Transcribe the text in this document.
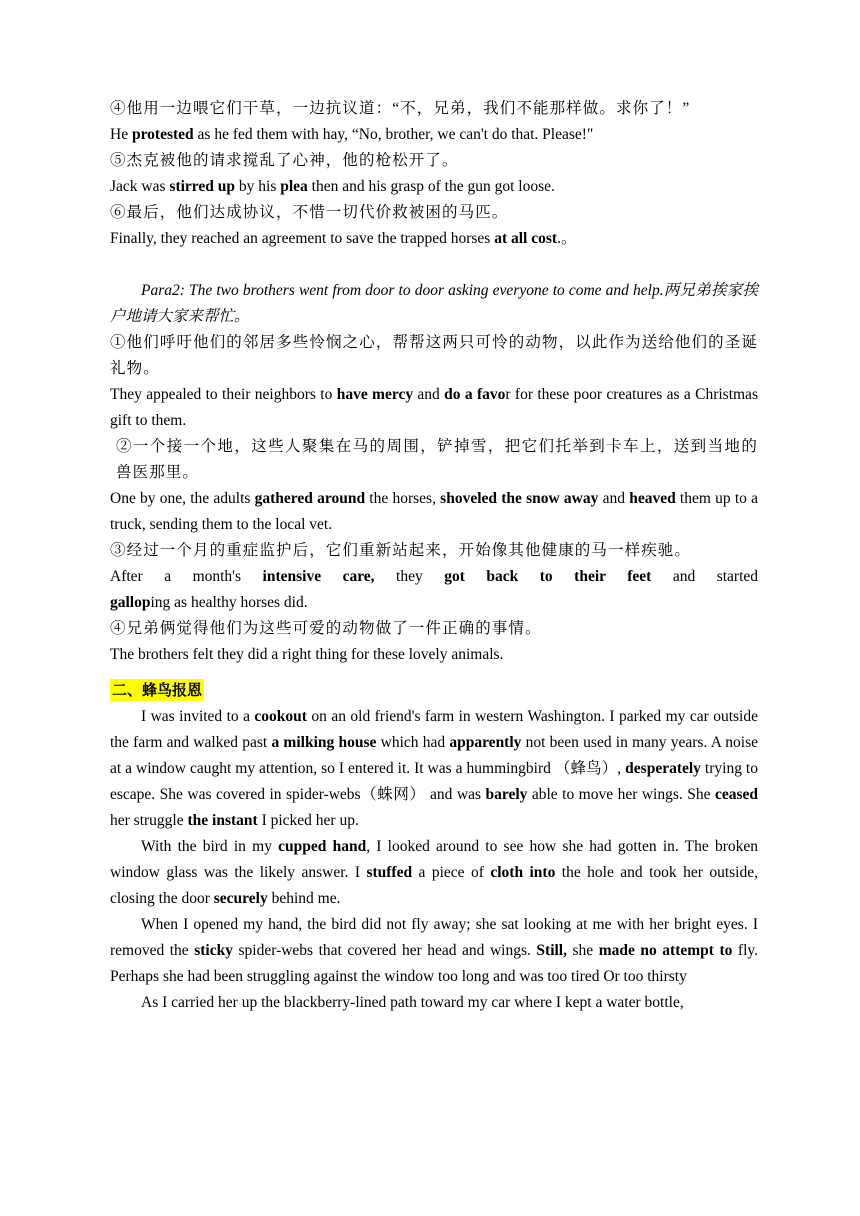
④他用一边喂它们干草，一边抗议道：“不，兄弟，我们不能那样做。求你了！”

He protested as he fed them with hay, “No, brother, we can't do that. Please!"

⑤杰克被他的请求搅乱了心神，他的枪松开了。

Jack was stirred up by his plea then and his grasp of the gun got loose.

⑥最后，他们达成协议，不惜一切代价救被困的马匹。

Finally, they reached an agreement to save the trapped horses at all cost.。

Para2: The two brothers went from door to door asking everyone to come and help.两兄弟挨家挨户地请大家来帮忙。

①他们呼吁他们的邻居多些怜悯之心，帮帮这两只可怜的动物，以此作为送给他们的圣诞礼物。

They appealed to their neighbors to have mercy and do a favor for these poor creatures as a Christmas gift to them.

②一个接一个地，这些人聚集在马的周围，铲掉雪，把它们托举到卡车上，送到当地的兽医那里。

One by one, the adults gathered around the horses, shoveled the snow away and heaved them up to a truck, sending them to the local vet.

③经过一个月的重症监护后，它们重新站起来，开始像其他健康的马一样疾驰。

After a month's intensive care, they got back to their feet and started

galloping as healthy horses did.

④兄弟俩觉得他们为这些可爱的动物做了一件正确的事情。

The brothers felt they did a right thing for these lovely animals.

二、蜂鸟报恩

I was invited to a cookout on an old friend's farm in western Washington. I parked my car outside the farm and walked past a milking house which had apparently not been used in many years. A noise at a window caught my attention, so I entered it. It was a hummingbird （蜂鸟）, desperately trying to escape. She was covered in spider-webs（蛛网） and was barely able to move her wings. She ceased her struggle the instant I picked her up.

With the bird in my cupped hand, I looked around to see how she had gotten in. The broken window glass was the likely answer. I stuffed a piece of cloth into the hole and took her outside, closing the door securely behind me.

When I opened my hand, the bird did not fly away; she sat looking at me with her bright eyes. I removed the sticky spider-webs that covered her head and wings. Still, she made no attempt to fly. Perhaps she had been struggling against the window too long and was too tired Or too thirsty

As I carried her up the blackberry-lined path toward my car where I kept a water bottle,
